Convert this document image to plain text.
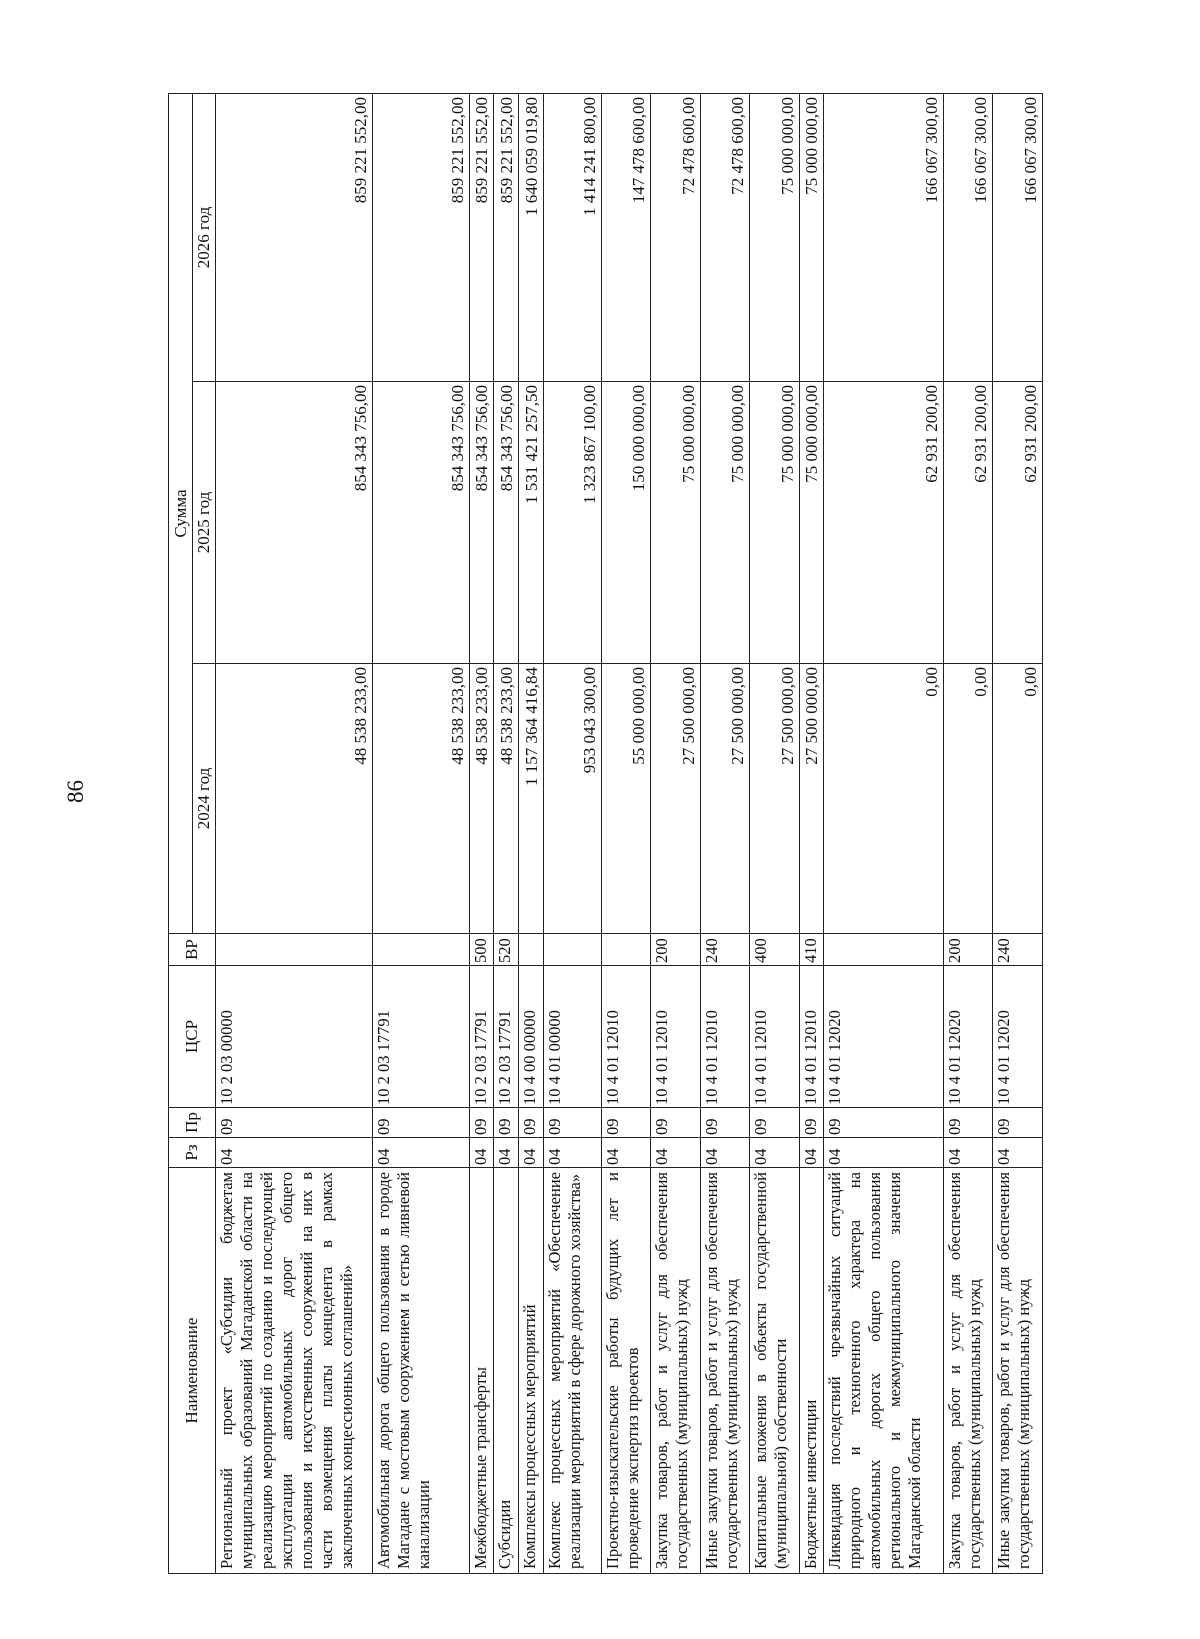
86
Наименование	Рз	Пр	ЦСР	ВР	Сумма		
					2024 год	2025 год	2026 год
Региональный проект «Субсидии бюджетам муниципальных образований Магаданской области на реализацию мероприятий по созданию и последующей эксплуатации автомобильных дорог общего пользования и искусственных сооружений на них в части возмещения платы концедента в рамках заключенных концессионных соглашений»	04	09	10 2 03 00000		48 538 233,00	854 343 756,00	859 221 552,00
Автомобильная дорога общего пользования в городе Магадане с мостовым сооружением и сетью ливневой канализации	04	09	10 2 03 17791		48 538 233,00	854 343 756,00	859 221 552,00
Межбюджетные трансферты	04	09	10 2 03 17791	500	48 538 233,00	854 343 756,00	859 221 552,00
Субсидии	04	09	10 2 03 17791	520	48 538 233,00	854 343 756,00	859 221 552,00
Комплексы процессных мероприятий	04	09	10 4 00 00000		1 157 364 416,84	1 531 421 257,50	1 640 059 019,80
Комплекс процессных мероприятий «Обеспечение реализации мероприятий в сфере дорожного хозяйства»	04	09	10 4 01 00000		953 043 300,00	1 323 867 100,00	1 414 241 800,00
Проектно-изыскательские работы будущих лет и проведение экспертиз проектов	04	09	10 4 01 12010		55 000 000,00	150 000 000,00	147 478 600,00
Закупка товаров, работ и услуг для обеспечения государственных (муниципальных) нужд	04	09	10 4 01 12010	200	27 500 000,00	75 000 000,00	72 478 600,00
Иные закупки товаров, работ и услуг для обеспечения государственных (муниципальных) нужд	04	09	10 4 01 12010	240	27 500 000,00	75 000 000,00	72 478 600,00
Капитальные вложения в объекты государственной (муниципальной) собственности	04	09	10 4 01 12010	400	27 500 000,00	75 000 000,00	75 000 000,00
Бюджетные инвестиции	04	09	10 4 01 12010	410	27 500 000,00	75 000 000,00	75 000 000,00
Ликвидация последствий чрезвычайных ситуаций природного и техногенного характера на автомобильных дорогах общего пользования регионального и межмуниципального значения Магаданской области	04	09	10 4 01 12020		0,00	62 931 200,00	166 067 300,00
Закупка товаров, работ и услуг для обеспечения государственных (муниципальных) нужд	04	09	10 4 01 12020	200	0,00	62 931 200,00	166 067 300,00
Иные закупки товаров, работ и услуг для обеспечения государственных (муниципальных) нужд	04	09	10 4 01 12020	240	0,00	62 931 200,00	166 067 300,00
